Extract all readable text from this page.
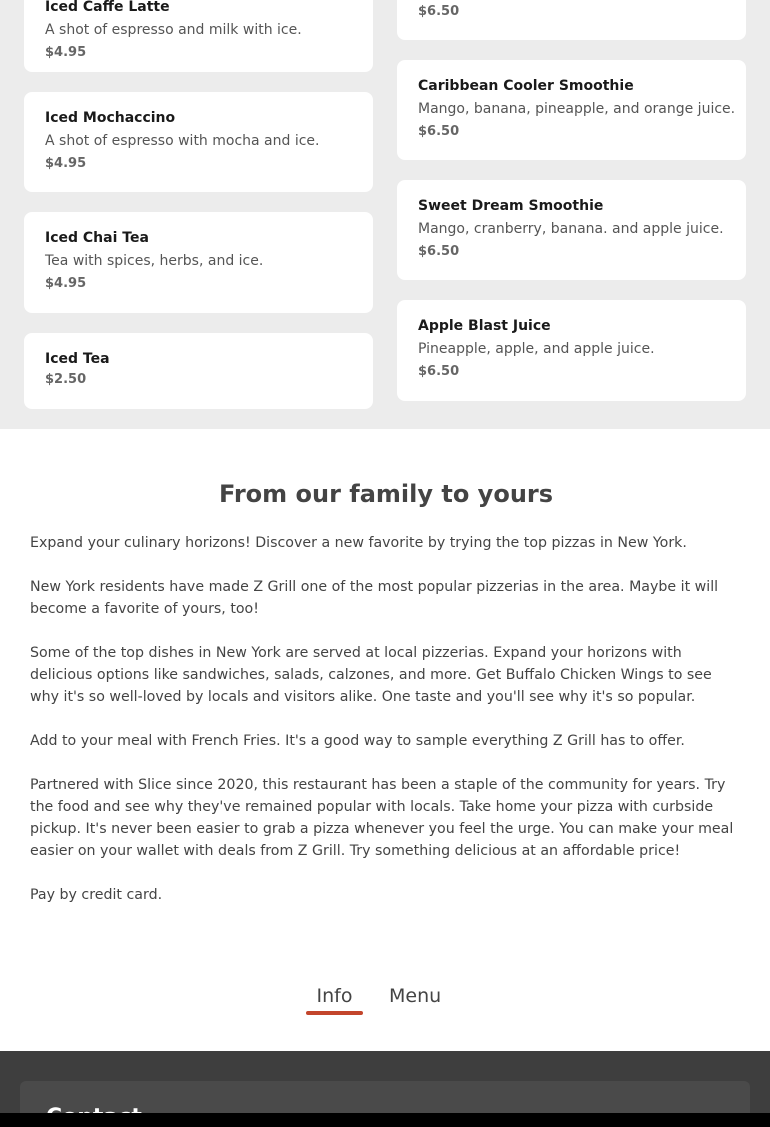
Iced Caffe Latte
A shot of espresso and milk with ice.
$4.95
Iced Mochaccino
A shot of espresso with mocha and ice.
$4.95
Iced Chai Tea
Tea with spices, herbs, and ice.
$4.95
Iced Tea
$2.50
$6.50
Caribbean Cooler Smoothie
Mango, banana, pineapple, and orange juice.
$6.50
Sweet Dream Smoothie
Mango, cranberry, banana. and apple juice.
$6.50
Apple Blast Juice
Pineapple, apple, and apple juice.
$6.50
From our family to yours

Expand your culinary horizons! Discover a new favorite by trying the top pizzas in New York.

New York residents have made Z Grill one of the most popular pizzerias in the area. Maybe it will become a favorite of yours, too!

Some of the top dishes in New York are served at local pizzerias. Expand your horizons with delicious options like sandwiches, salads, calzones, and more. Get Buffalo Chicken Wings to see why it's so well-loved by locals and visitors alike. One taste and you'll see why it's so popular.

Add to your meal with French Fries. It's a good way to sample everything Z Grill has to offer.

Partnered with Slice since 2020, this restaurant has been a staple of the community for years. Try the food and see why they've remained popular with locals. Take home your pizza with curbside pickup. It's never been easier to grab a pizza whenever you feel the urge. You can make your meal easier on your wallet with deals from Z Grill. Try something delicious at an affordable price!

Pay by credit card.

Info	Menu
